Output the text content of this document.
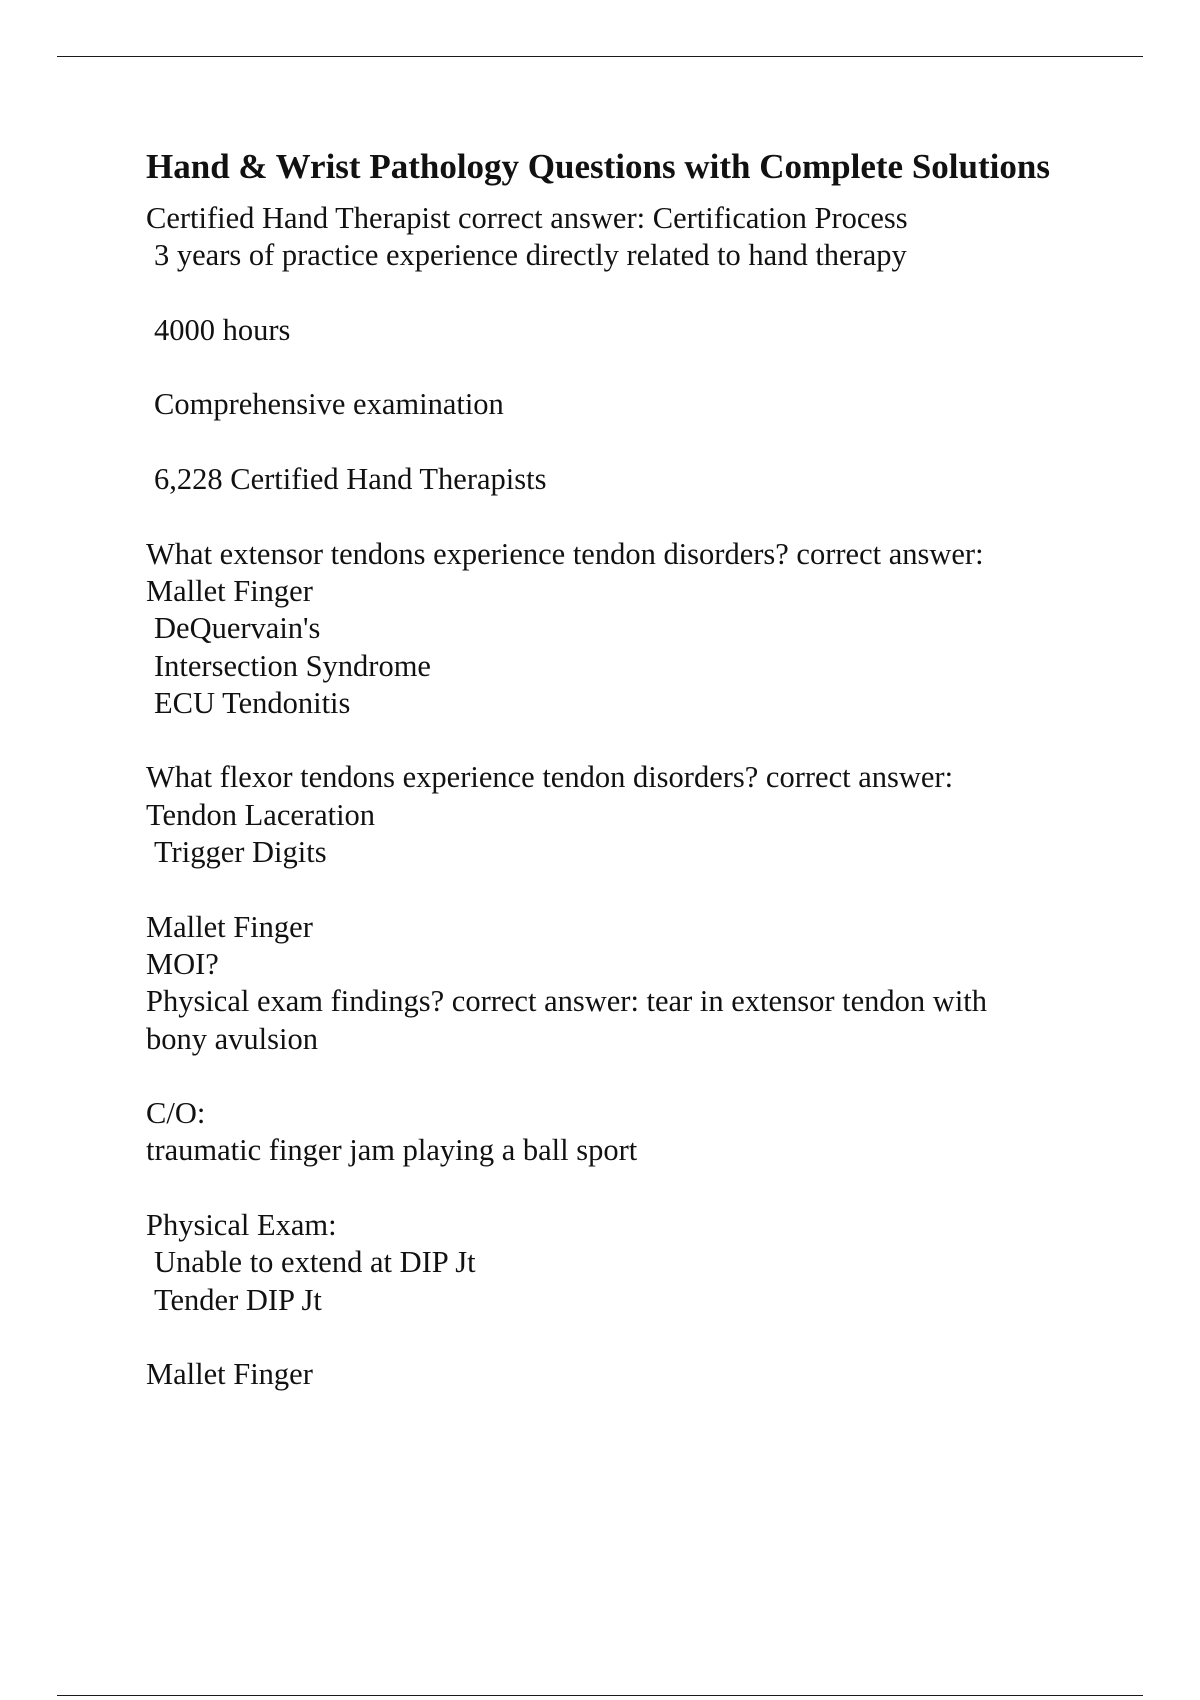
Hand & Wrist Pathology Questions with Complete Solutions
Certified Hand Therapist correct answer: Certification Process
3 years of practice experience directly related to hand therapy
4000 hours
Comprehensive examination
6,228 Certified Hand Therapists
What extensor tendons experience tendon disorders? correct answer:
Mallet Finger
DeQuervain's
Intersection Syndrome
ECU Tendonitis
What flexor tendons experience tendon disorders? correct answer:
Tendon Laceration
Trigger Digits
Mallet Finger
MOI?
Physical exam findings? correct answer: tear in extensor tendon with
bony avulsion
C/O:
traumatic finger jam playing a ball sport
Physical Exam:
Unable to extend at DIP Jt
Tender DIP Jt
Mallet Finger
